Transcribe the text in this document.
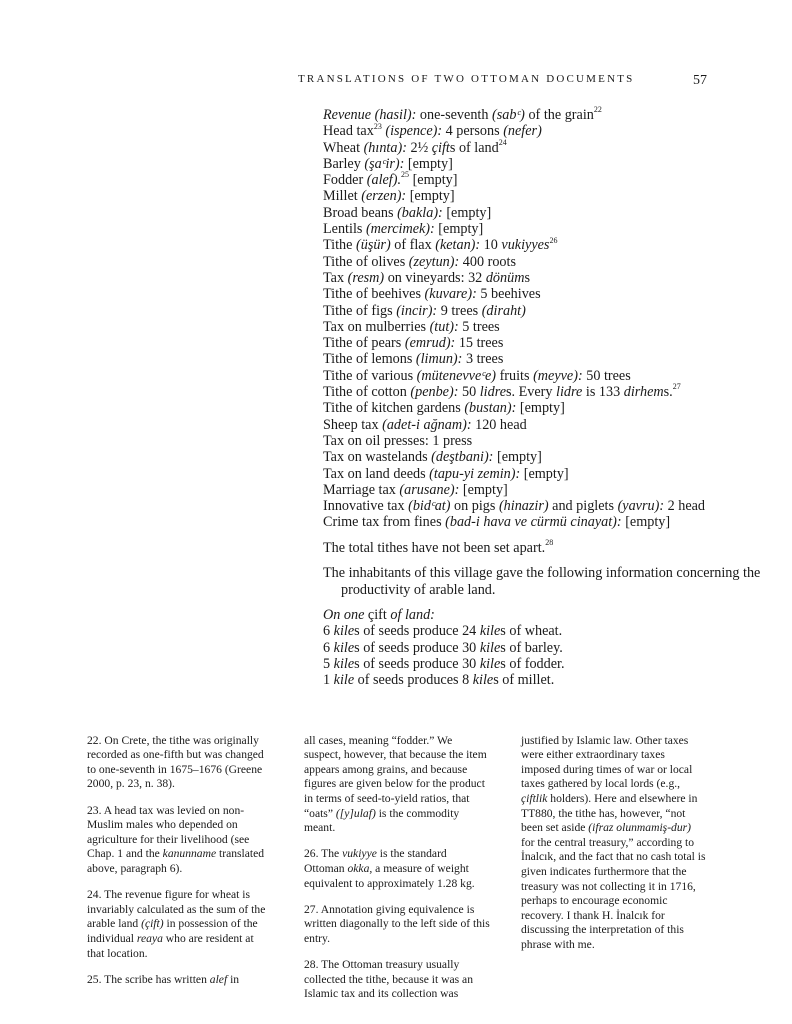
TRANSLATIONS OF TWO OTTOMAN DOCUMENTS	57
Revenue (hasil): one-seventh (sabᶜ) of the grain$^{22}$
Head tax$^{23}$ (ispence): 4 persons (nefer)
Wheat (hınta): 2½ çifts of land$^{24}$
Barley (şaᶜir): [empty]
Fodder (alef).$^{25}$ [empty]
Millet (erzen): [empty]
Broad beans (bakla): [empty]
Lentils (mercimek): [empty]
Tithe (üşür) of flax (ketan): 10 vukiyyes$^{26}$
Tithe of olives (zeytun): 400 roots
Tax (resm) on vineyards: 32 dönüms
Tithe of beehives (kuvare): 5 beehives
Tithe of figs (incir): 9 trees (diraht)
Tax on mulberries (tut): 5 trees
Tithe of pears (emrud): 15 trees
Tithe of lemons (limun): 3 trees
Tithe of various (mütenevveᶜe) fruits (meyve): 50 trees
Tithe of cotton (penbe): 50 lidres. Every lidre is 133 dirhems.$^{27}$
Tithe of kitchen gardens (bustan): [empty]
Sheep tax (adet-i ağnam): 120 head
Tax on oil presses: 1 press
Tax on wastelands (deştbani): [empty]
Tax on land deeds (tapu-yi zemin): [empty]
Marriage tax (arusane): [empty]
Innovative tax (bidᶜat) on pigs (hinazir) and piglets (yavru): 2 head
Crime tax from fines (bad-i hava ve cürmü cinayat): [empty]
The total tithes have not been set apart.$^{28}$
The inhabitants of this village gave the following information concerning the productivity of arable land.
On one çift of land:
6 kiles of seeds produce 24 kiles of wheat.
6 kiles of seeds produce 30 kiles of barley.
5 kiles of seeds produce 30 kiles of fodder.
1 kile of seeds produces 8 kiles of millet.

22. On Crete, the tithe was originally recorded as one-fifth but was changed to one-seventh in 1675–1676 (Greene 2000, p. 23, n. 38).

23. A head tax was levied on non-Muslim males who depended on agriculture for their livelihood (see Chap. 1 and the kanunname translated above, paragraph 6).

24. The revenue figure for wheat is invariably calculated as the sum of the arable land (çift) in possession of the individual reaya who are resident at that location.

25. The scribe has written alef in

all cases, meaning “fodder.” We suspect, however, that because the item appears among grains, and because figures are given below for the product in terms of seed-to-yield ratios, that “oats” ([y]ulaf) is the commodity meant.

26. The vukiyye is the standard Ottoman okka, a measure of weight equivalent to approximately 1.28 kg.

27. Annotation giving equivalence is written diagonally to the left side of this entry.

28. The Ottoman treasury usually collected the tithe, because it was an Islamic tax and its collection was

justified by Islamic law. Other taxes were either extraordinary taxes imposed during times of war or local taxes gathered by local lords (e.g., çiftlik holders). Here and elsewhere in TT880, the tithe has, however, “not been set aside (ifraz olunmamiş-dur) for the central treasury,” according to İnalcık, and the fact that no cash total is given indicates furthermore that the treasury was not collecting it in 1716, perhaps to encourage economic recovery. I thank H. İnalcık for discussing the interpretation of this phrase with me.
